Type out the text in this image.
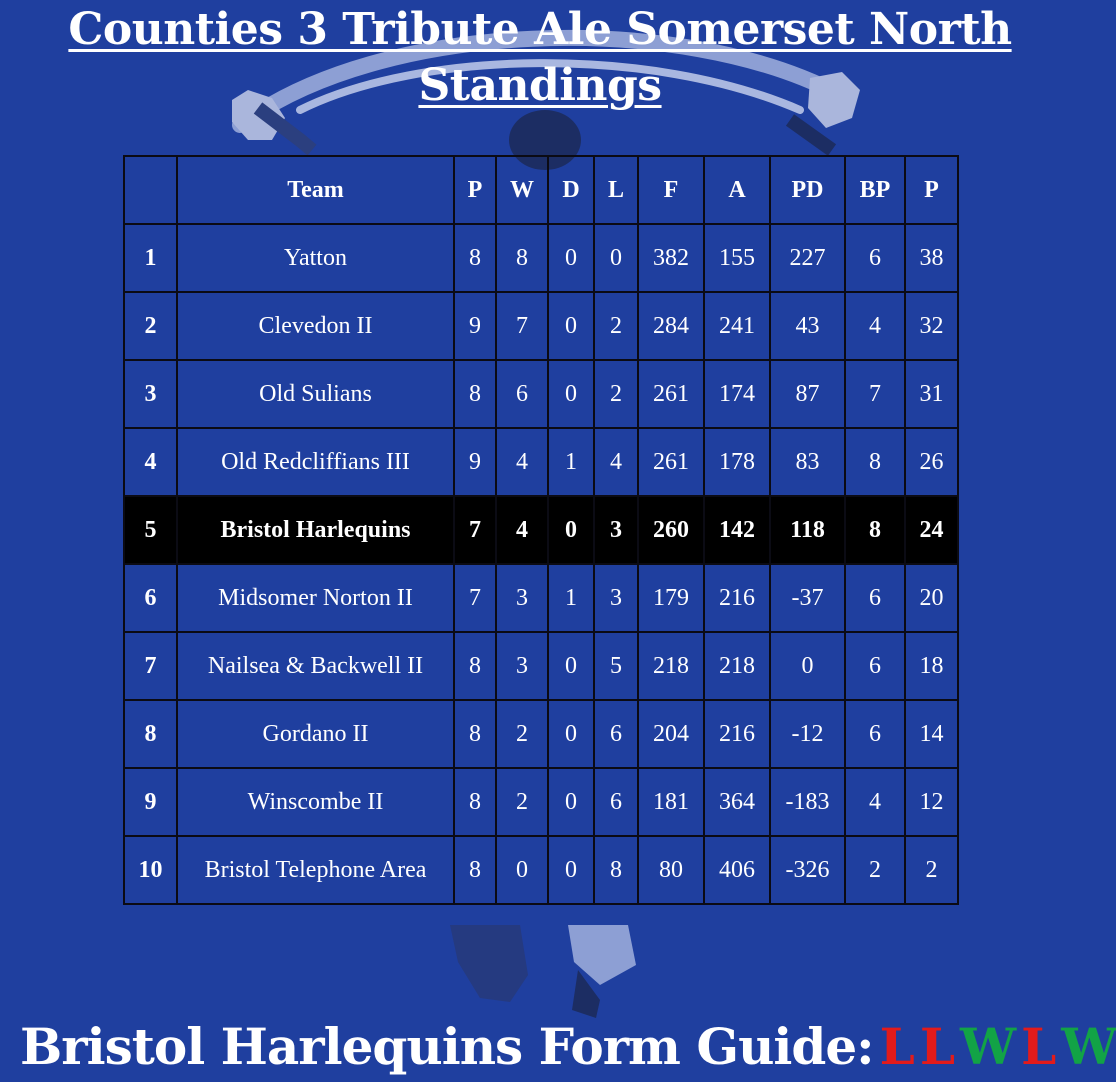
Counties 3 Tribute Ale Somerset North Standings
	Team	P	W	D	L	F	A	PD	BP	P
1	Yatton	8	8	0	0	382	155	227	6	38
2	Clevedon II	9	7	0	2	284	241	43	4	32
3	Old Sulians	8	6	0	2	261	174	87	7	31
4	Old Redcliffians III	9	4	1	4	261	178	83	8	26
5	Bristol Harlequins	7	4	0	3	260	142	118	8	24
6	Midsomer Norton II	7	3	1	3	179	216	-37	6	20
7	Nailsea & Backwell II	8	3	0	5	218	218	0	6	18
8	Gordano II	8	2	0	6	204	216	-12	6	14
9	Winscombe II	8	2	0	6	181	364	-183	4	12
10	Bristol Telephone Area	8	0	0	8	80	406	-326	2	2
Bristol Harlequins Form Guide: L L W L W
